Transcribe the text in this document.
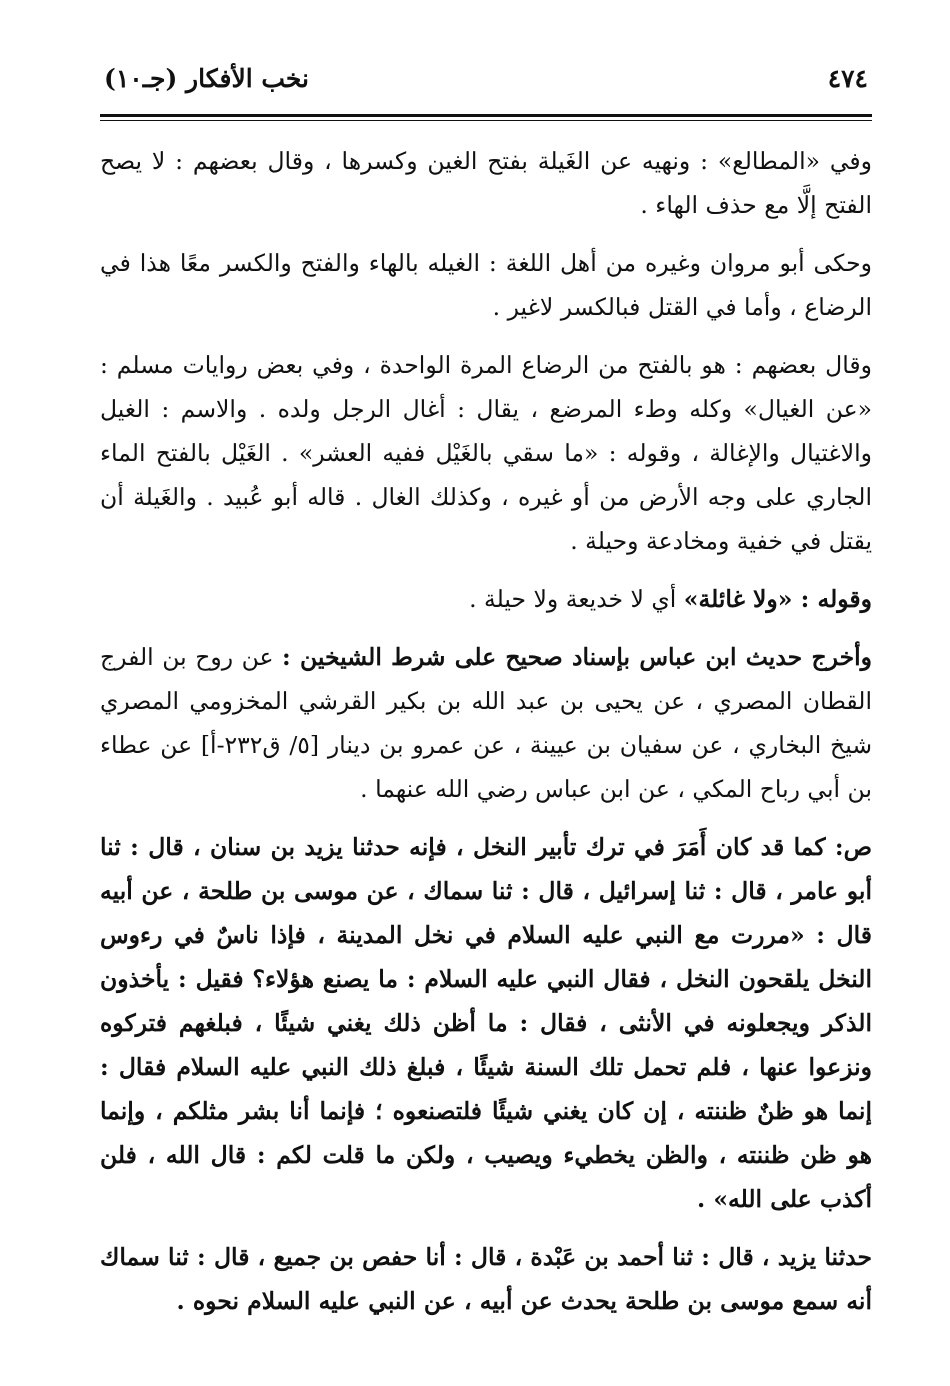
٤٧٤
نخب الأفكار (جـ١٠)

وفي «المطالع» : ونهيه عن الغَيلة بفتح الغين وكسرها ، وقال بعضهم : لا يصح الفتح إلَّا مع حذف الهاء .

وحكى أبو مروان وغيره من أهل اللغة : الغيله بالهاء والفتح والكسر معًا هذا في الرضاع ، وأما في القتل فبالكسر لاغير .

وقال بعضهم : هو بالفتح من الرضاع المرة الواحدة ، وفي بعض روايات مسلم : «عن الغيال» وكله وطء المرضع ، يقال : أغال الرجل ولده . والاسم : الغيل والاغتيال والإغالة ، وقوله : «ما سقي بالغَيْل ففيه العشر» . الغَيْل بالفتح الماء الجاري على وجه الأرض من أو غيره ، وكذلك الغال . قاله أبو عُبيد . والغَيلة أن يقتل في خفية ومخادعة وحيلة .

وقوله : «ولا غائلة» أي لا خديعة ولا حيلة .

وأخرج حديث ابن عباس بإسناد صحيح على شرط الشيخين : عن روح بن الفرج القطان المصري ، عن يحيى بن عبد الله بن بكير القرشي المخزومي المصري شيخ البخاري ، عن سفيان بن عيينة ، عن عمرو بن دينار [٥/ ق٢٣٢-أ] عن عطاء بن أبي رباح المكي ، عن ابن عباس رضي الله عنهما .

ص: كما قد كان أَمَرَ في ترك تأبير النخل ، فإنه حدثنا يزيد بن سنان ، قال : ثنا أبو عامر ، قال : ثنا إسرائيل ، قال : ثنا سماك ، عن موسى بن طلحة ، عن أبيه قال : «مررت مع النبي عليه السلام في نخل المدينة ، فإذا ناسٌ في رءوس النخل يلقحون النخل ، فقال النبي عليه السلام : ما يصنع هؤلاء؟ فقيل : يأخذون الذكر ويجعلونه في الأنثى ، فقال : ما أظن ذلك يغني شيئًا ، فبلغهم فتركوه ونزعوا عنها ، فلم تحمل تلك السنة شيئًا ، فبلغ ذلك النبي عليه السلام فقال : إنما هو ظنٌ ظننته ، إن كان يغني شيئًا فلتصنعوه ؛ فإنما أنا بشر مثلكم ، وإنما هو ظن ظننته ، والظن يخطيء ويصيب ، ولكن ما قلت لكم : قال الله ، فلن أكذب على الله» .

حدثنا يزيد ، قال : ثنا أحمد بن عَبْدة ، قال : أنا حفص بن جميع ، قال : ثنا سماك أنه سمع موسى بن طلحة يحدث عن أبيه ، عن النبي عليه السلام نحوه .
